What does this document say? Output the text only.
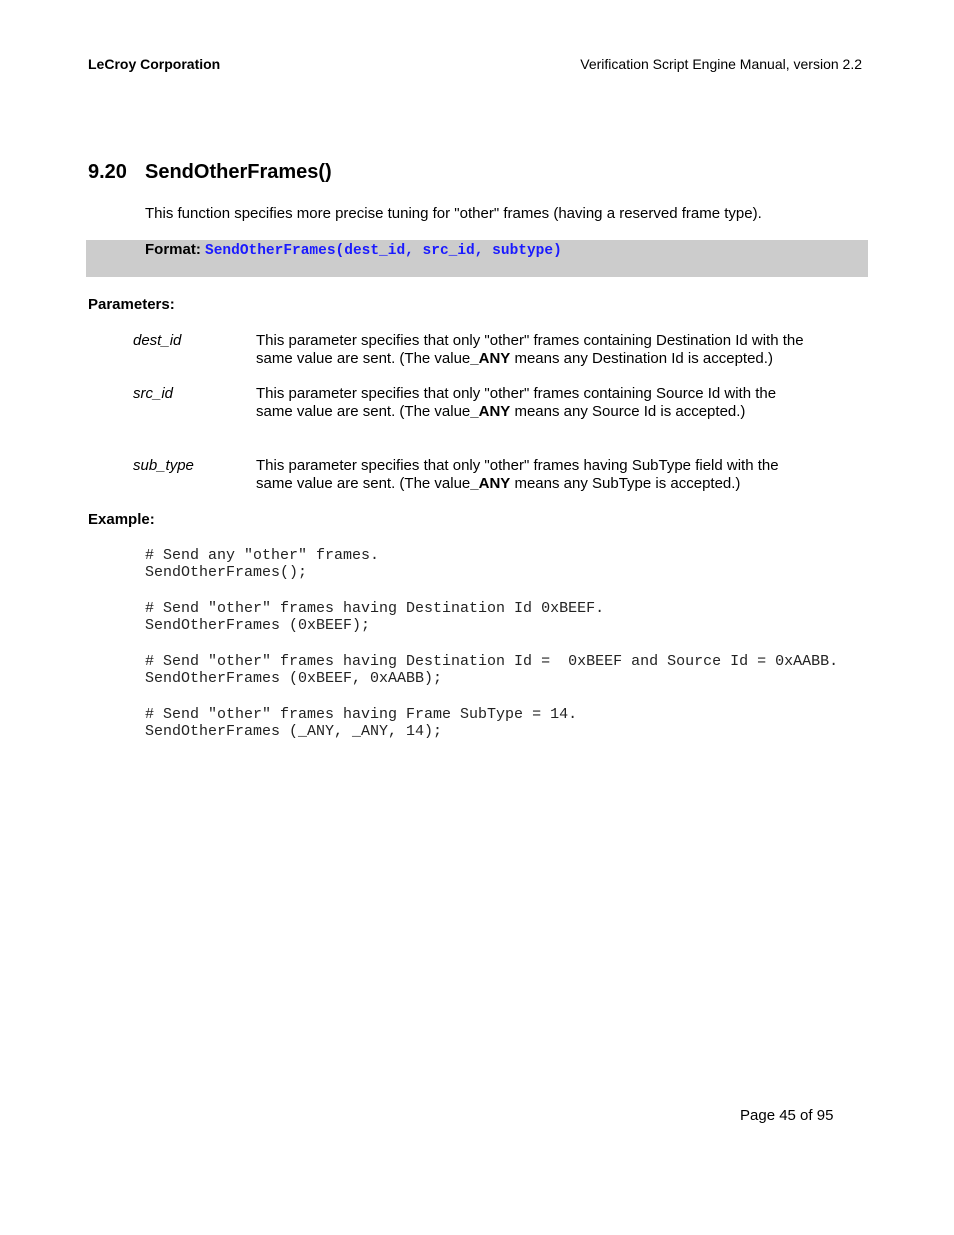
LeCroy Corporation	Verification Script Engine Manual, version 2.2
9.20 SendOtherFrames()
This function specifies more precise tuning for "other" frames (having a reserved frame type).
Format: SendOtherFrames(dest_id, src_id, subtype)
Parameters:
dest_id	This parameter specifies that only "other" frames containing Destination Id with the
same value are sent. (The value_ANY means any Destination Id is accepted.)
src_id	This parameter specifies that only "other" frames containing Source Id with the
same value are sent. (The value_ANY means any Source Id is accepted.)
sub_type	This parameter specifies that only "other" frames having SubType field with the
same value are sent. (The value_ANY means any SubType is accepted.)
Example:
# Send any "other" frames.
SendOtherFrames();
# Send "other" frames having Destination Id 0xBEEF.
SendOtherFrames (0xBEEF);
# Send "other" frames having Destination Id =  0xBEEF and Source Id = 0xAABB.
SendOtherFrames (0xBEEF, 0xAABB);
# Send "other" frames having Frame SubType = 14.
SendOtherFrames (_ANY, _ANY, 14);
Page 45 of 95
